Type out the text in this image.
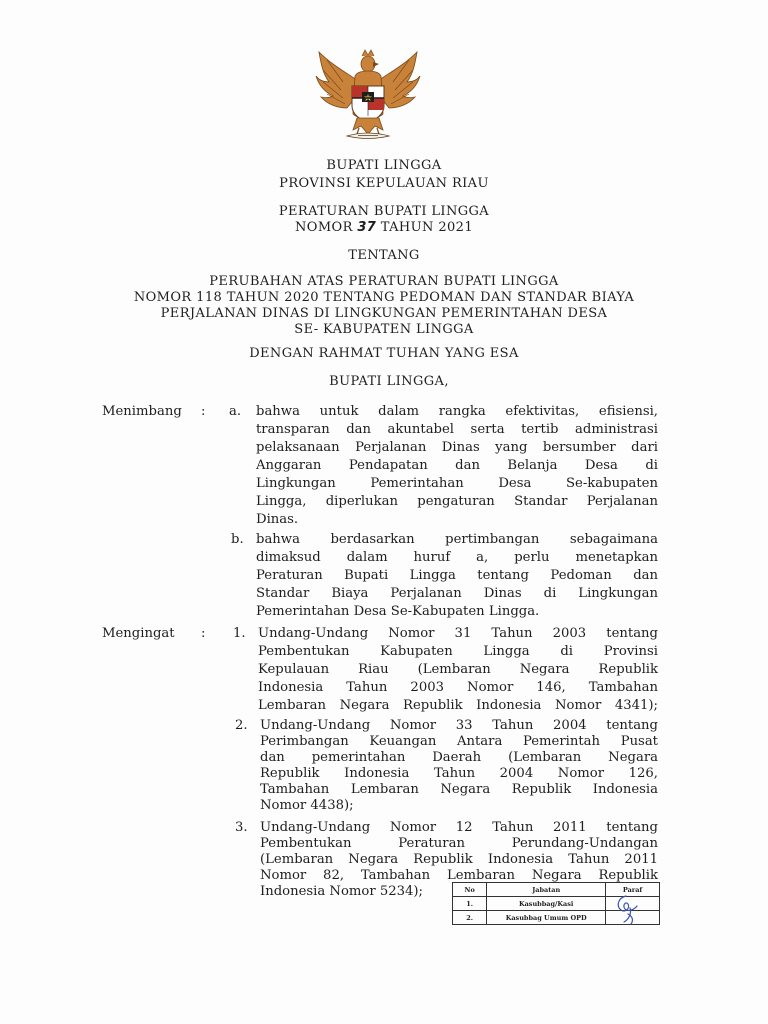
BUPATI LINGGA
PROVINSI KEPULAUAN RIAU
PERATURAN BUPATI LINGGA
NOMOR 37 TAHUN 2021
TENTANG
PERUBAHAN ATAS PERATURAN BUPATI LINGGA
NOMOR 118 TAHUN 2020 TENTANG PEDOMAN DAN STANDAR BIAYA
PERJALANAN DINAS DI LINGKUNGAN PEMERINTAHAN DESA
SE- KABUPATEN LINGGA
DENGAN RAHMAT TUHAN YANG ESA
BUPATI LINGGA,
Menimbang : a. bahwa untuk dalam rangka efektivitas, efisiensi,
transparan dan akuntabel serta tertib administrasi
pelaksanaan Perjalanan Dinas yang bersumber dari
Anggaran Pendapatan dan Belanja Desa di
Lingkungan Pemerintahan Desa Se-kabupaten
Lingga, diperlukan pengaturan Standar Perjalanan
Dinas.
b. bahwa berdasarkan pertimbangan sebagaimana
dimaksud dalam huruf a, perlu menetapkan
Peraturan Bupati Lingga tentang Pedoman dan
Standar Biaya Perjalanan Dinas di Lingkungan
Pemerintahan Desa Se-Kabupaten Lingga.
Mengingat : 1. Undang-Undang Nomor 31 Tahun 2003 tentang
Pembentukan Kabupaten Lingga di Provinsi
Kepulauan Riau (Lembaran Negara Republik
Indonesia Tahun 2003 Nomor 146, Tambahan
Lembaran Negara Republik Indonesia Nomor 4341);
2. Undang-Undang Nomor 33 Tahun 2004 tentang
Perimbangan Keuangan Antara Pemerintah Pusat
dan pemerintahan Daerah (Lembaran Negara
Republik Indonesia Tahun 2004 Nomor 126,
Tambahan Lembaran Negara Republik Indonesia
Nomor 4438);
3. Undang-Undang Nomor 12 Tahun 2011 tentang
Pembentukan Peraturan Perundang-Undangan
(Lembaran Negara Republik Indonesia Tahun 2011
Nomor 82, Tambahan Lembaran Negara Republik
Indonesia Nomor 5234);	No	Jabatan	Paraf
1.	Kasubbag/Kasi	
2.	Kasubbag Umum OPD	
